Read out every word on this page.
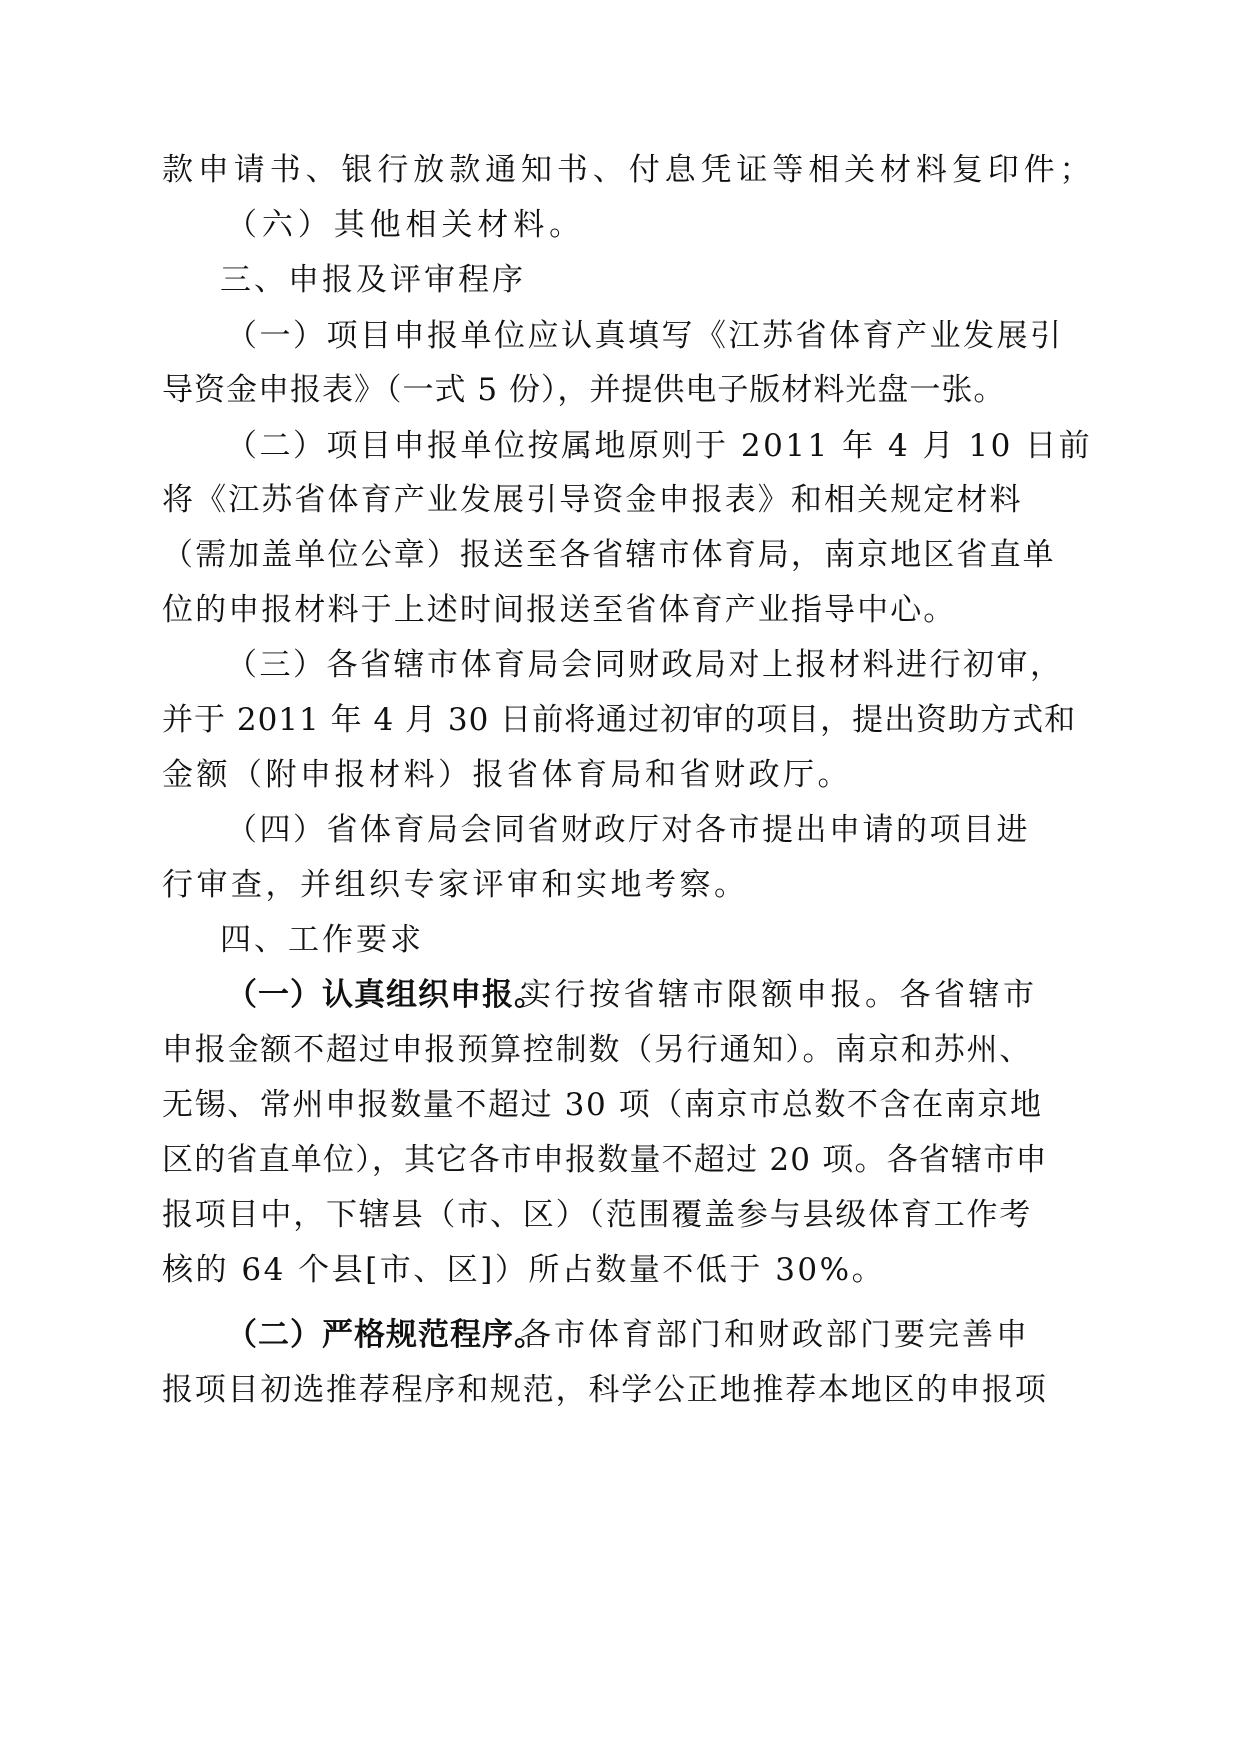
款申请书、银行放款通知书、付息凭证等相关材料复印件；
（六）其他相关材料。
三、申报及评审程序
（一）项目申报单位应认真填写《江苏省体育产业发展引
导资金申报表》（一式 5 份），并提供电子版材料光盘一张。
（二）项目申报单位按属地原则于 2011 年 4 月 10 日前
将《江苏省体育产业发展引导资金申报表》和相关规定材料
（需加盖单位公章）报送至各省辖市体育局，南京地区省直单
位的申报材料于上述时间报送至省体育产业指导中心。
（三）各省辖市体育局会同财政局对上报材料进行初审，
并于 2011 年 4 月 30 日前将通过初审的项目，提出资助方式和
金额（附申报材料）报省体育局和省财政厅。
（四）省体育局会同省财政厅对各市提出申请的项目进
行审查，并组织专家评审和实地考察。
四、工作要求
（一）认真组织申报。
实行按省辖市限额申报。各省辖市
申报金额不超过申报预算控制数（另行通知）。南京和苏州、
无锡、常州申报数量不超过 30 项（南京市总数不含在南京地
区的省直单位），其它各市申报数量不超过 20 项。各省辖市申
报项目中，下辖县（市、区）（范围覆盖参与县级体育工作考
核的 64 个县[市、区]）所占数量不低于 30%。
（二）严格规范程序。
各市体育部门和财政部门要完善申
报项目初选推荐程序和规范，科学公正地推荐本地区的申报项
